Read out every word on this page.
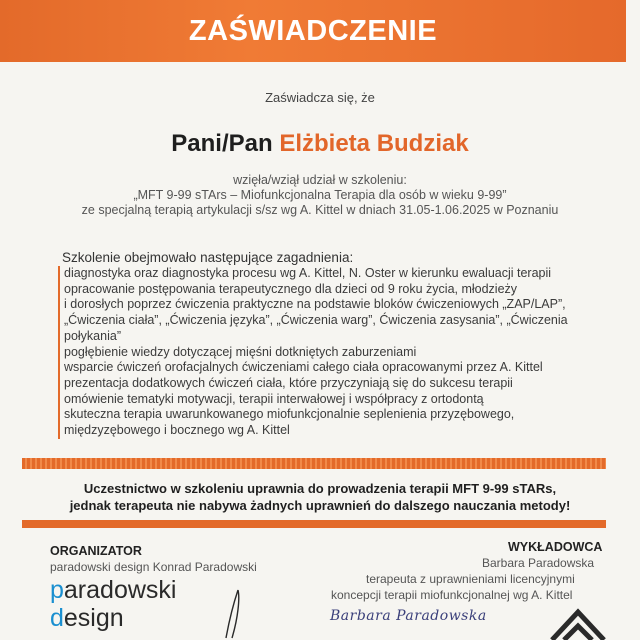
ZAŚWIADCZENIE
Zaświadcza się, że
Pani/Pan Elżbieta Budziak
wzięła/wziął udział w szkoleniu:
„MFT 9-99 sTArs – Miofunkcjonalna Terapia dla osób w wieku 9-99”
ze specjalną terapią artykulacji s/sz wg A. Kittel w dniach 31.05-1.06.2025 w Poznaniu
Szkolenie obejmowało następujące zagadnienia:
diagnostyka oraz diagnostyka procesu wg A. Kittel, N. Oster w kierunku ewaluacji terapii
opracowanie postępowania terapeutycznego dla dzieci od 9 roku życia, młodzieży
i dorosłych poprzez ćwiczenia praktyczne na podstawie bloków ćwiczeniowych „ZAP/LAP”,
„Ćwiczenia ciała”, „Ćwiczenia języka”, „Ćwiczenia warg”, Ćwiczenia zasysania”, „Ćwiczenia
połykania”
pogłębienie wiedzy dotyczącej mięśni dotkniętych zaburzeniami
wsparcie ćwiczeń orofacjalnych ćwiczeniami całego ciała opracowanymi przez A. Kittel
prezentacja dodatkowych ćwiczeń ciała, które przyczyniają się do sukcesu terapii
omówienie tematyki motywacji, terapii interwałowej i współpracy z ortodontą
skuteczna terapia uwarunkowanego miofunkcjonalnie seplenienia przyzębowego,
międzyzębowego i bocznego wg A. Kittel
Uczestnictwo w szkoleniu uprawnia do prowadzenia terapii MFT 9-99 sTARs,
jednak terapeuta nie nabywa żadnych uprawnień do dalszego nauczania metody!
ORGANIZATOR
paradowski design Konrad Paradowski
paradowski
design
WYKŁADOWCA
Barbara Paradowska
terapeuta z uprawnieniami licencyjnymi
koncepcji terapii miofunkcjonalnej wg A. Kittel
Barbara Paradowska
